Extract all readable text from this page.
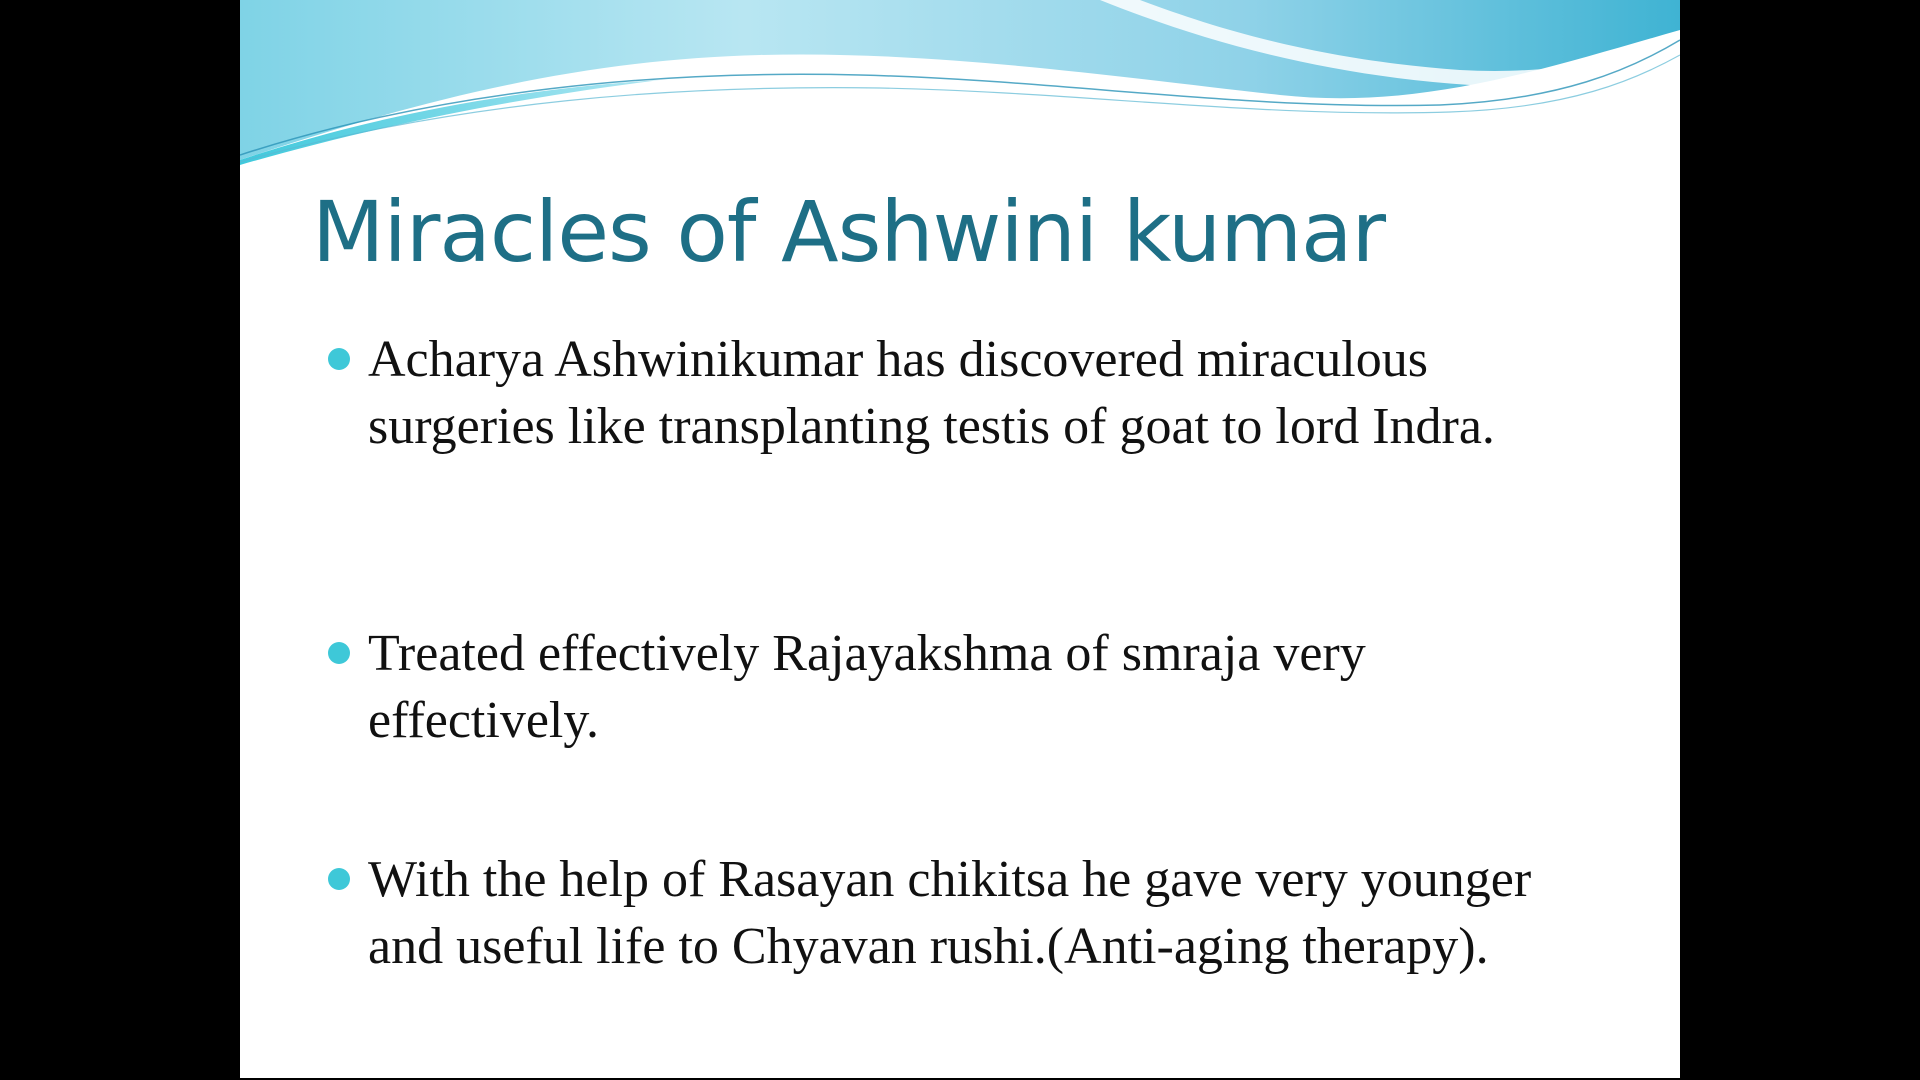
Miracles of Ashwini kumar
Acharya Ashwinikumar has discovered miraculous surgeries like transplanting testis of goat to lord Indra.
Treated effectively Rajayakshma of smraja very effectively.
With the help of Rasayan chikitsa he gave very younger and useful life to Chyavan rushi.(Anti-aging therapy).
